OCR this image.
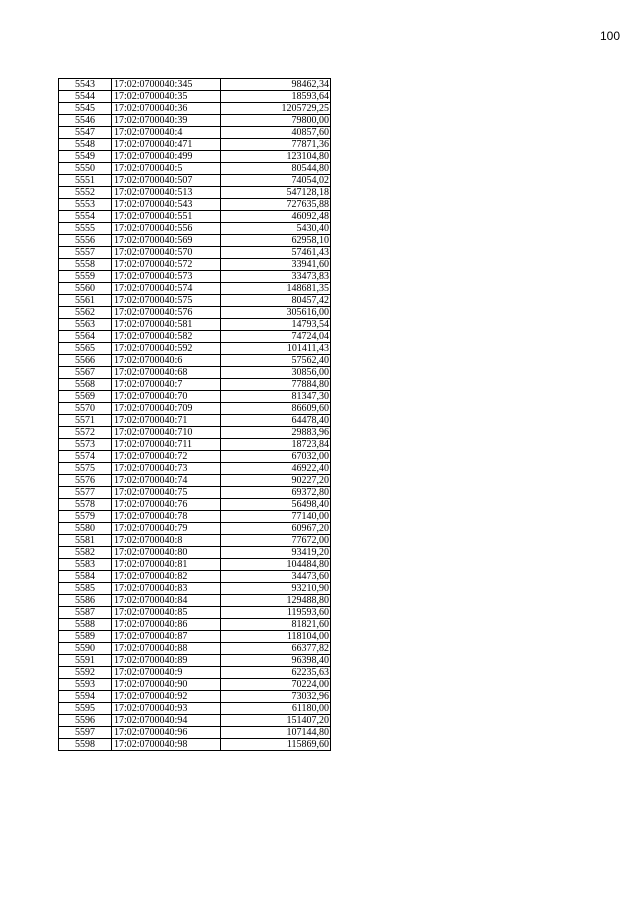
100
5543	17:02:0700040:345	98462,34
5544	17:02:0700040:35	18593,64
5545	17:02:0700040:36	1205729,25
5546	17:02:0700040:39	79800,00
5547	17:02:0700040:4	40857,60
5548	17:02:0700040:471	77871,36
5549	17:02:0700040:499	123104,80
5550	17:02:0700040:5	80544,80
5551	17:02:0700040:507	74054,02
5552	17:02:0700040:513	547128,18
5553	17:02:0700040:543	727635,88
5554	17:02:0700040:551	46092,48
5555	17:02:0700040:556	5430,40
5556	17:02:0700040:569	62958,10
5557	17:02:0700040:570	57461,43
5558	17:02:0700040:572	33941,60
5559	17:02:0700040:573	33473,83
5560	17:02:0700040:574	148681,35
5561	17:02:0700040:575	80457,42
5562	17:02:0700040:576	305616,00
5563	17:02:0700040:581	14793,54
5564	17:02:0700040:582	74724,04
5565	17:02:0700040:592	101411,43
5566	17:02:0700040:6	57562,40
5567	17:02:0700040:68	30856,00
5568	17:02:0700040:7	77884,80
5569	17:02:0700040:70	81347,30
5570	17:02:0700040:709	86609,60
5571	17:02:0700040:71	64478,40
5572	17:02:0700040:710	29883,96
5573	17:02:0700040:711	18723,84
5574	17:02:0700040:72	67032,00
5575	17:02:0700040:73	46922,40
5576	17:02:0700040:74	90227,20
5577	17:02:0700040:75	69372,80
5578	17:02:0700040:76	56498,40
5579	17:02:0700040:78	77140,00
5580	17:02:0700040:79	60967,20
5581	17:02:0700040:8	77672,00
5582	17:02:0700040:80	93419,20
5583	17:02:0700040:81	104484,80
5584	17:02:0700040:82	34473,60
5585	17:02:0700040:83	93210,90
5586	17:02:0700040:84	129488,80
5587	17:02:0700040:85	119593,60
5588	17:02:0700040:86	81821,60
5589	17:02:0700040:87	118104,00
5590	17:02:0700040:88	66377,82
5591	17:02:0700040:89	96398,40
5592	17:02:0700040:9	62235,63
5593	17:02:0700040:90	70224,00
5594	17:02:0700040:92	73032,96
5595	17:02:0700040:93	61180,00
5596	17:02:0700040:94	151407,20
5597	17:02:0700040:96	107144,80
5598	17:02:0700040:98	115869,60
